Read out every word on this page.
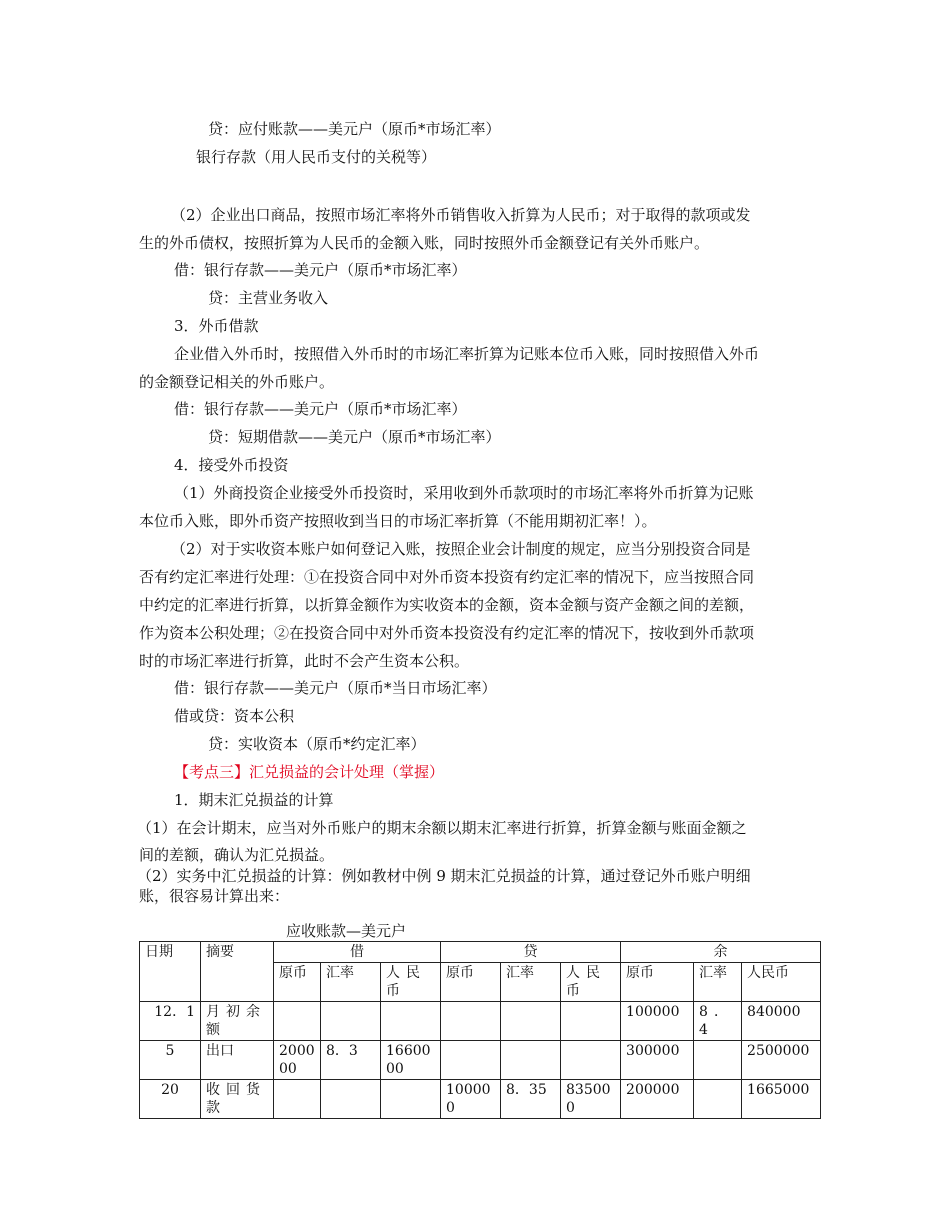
贷：应付账款——美元户（原币*市场汇率）
银行存款（用人民币支付的关税等）
（2）企业出口商品，按照市场汇率将外币销售收入折算为人民币；对于取得的款项或发
生的外币债权，按照折算为人民币的金额入账，同时按照外币金额登记有关外币账户。
借：银行存款——美元户（原币*市场汇率）
贷：主营业务收入
3．外币借款
企业借入外币时，按照借入外币时的市场汇率折算为记账本位币入账，同时按照借入外币
的金额登记相关的外币账户。
借：银行存款——美元户（原币*市场汇率）
贷：短期借款——美元户（原币*市场汇率）
4．接受外币投资
（1）外商投资企业接受外币投资时，采用收到外币款项时的市场汇率将外币折算为记账
本位币入账，即外币资产按照收到当日的市场汇率折算（不能用期初汇率！）。
（2）对于实收资本账户如何登记入账，按照企业会计制度的规定，应当分别投资合同是
否有约定汇率进行处理：①在投资合同中对外币资本投资有约定汇率的情况下，应当按照合同
中约定的汇率进行折算，以折算金额作为实收资本的金额，资本金额与资产金额之间的差额，
作为资本公积处理；②在投资合同中对外币资本投资没有约定汇率的情况下，按收到外币款项
时的市场汇率进行折算，此时不会产生资本公积。
借：银行存款——美元户（原币*当日市场汇率）
借或贷：资本公积
贷：实收资本（原币*约定汇率）
【考点三】汇兑损益的会计处理（掌握）
1．期末汇兑损益的计算
（1）在会计期末，应当对外币账户的期末余额以期末汇率进行折算，折算金额与账面金额之
间的差额，确认为汇兑损益。
（2）实务中汇兑损益的计算：例如教材中例 9 期末汇兑损益的计算，通过登记外币账户明细
账，很容易计算出来：
应收账款—美元户
日期	摘要	借			贷			余		
		原币	汇率	人民币	原币	汇率	人民币	原币	汇率	人民币
12．1	月初余额							100000	8．4	840000
5	出口	200000	8．3	1660000				300000		2500000
20	收回货款				100000	8．35	835000	200000		1665000
